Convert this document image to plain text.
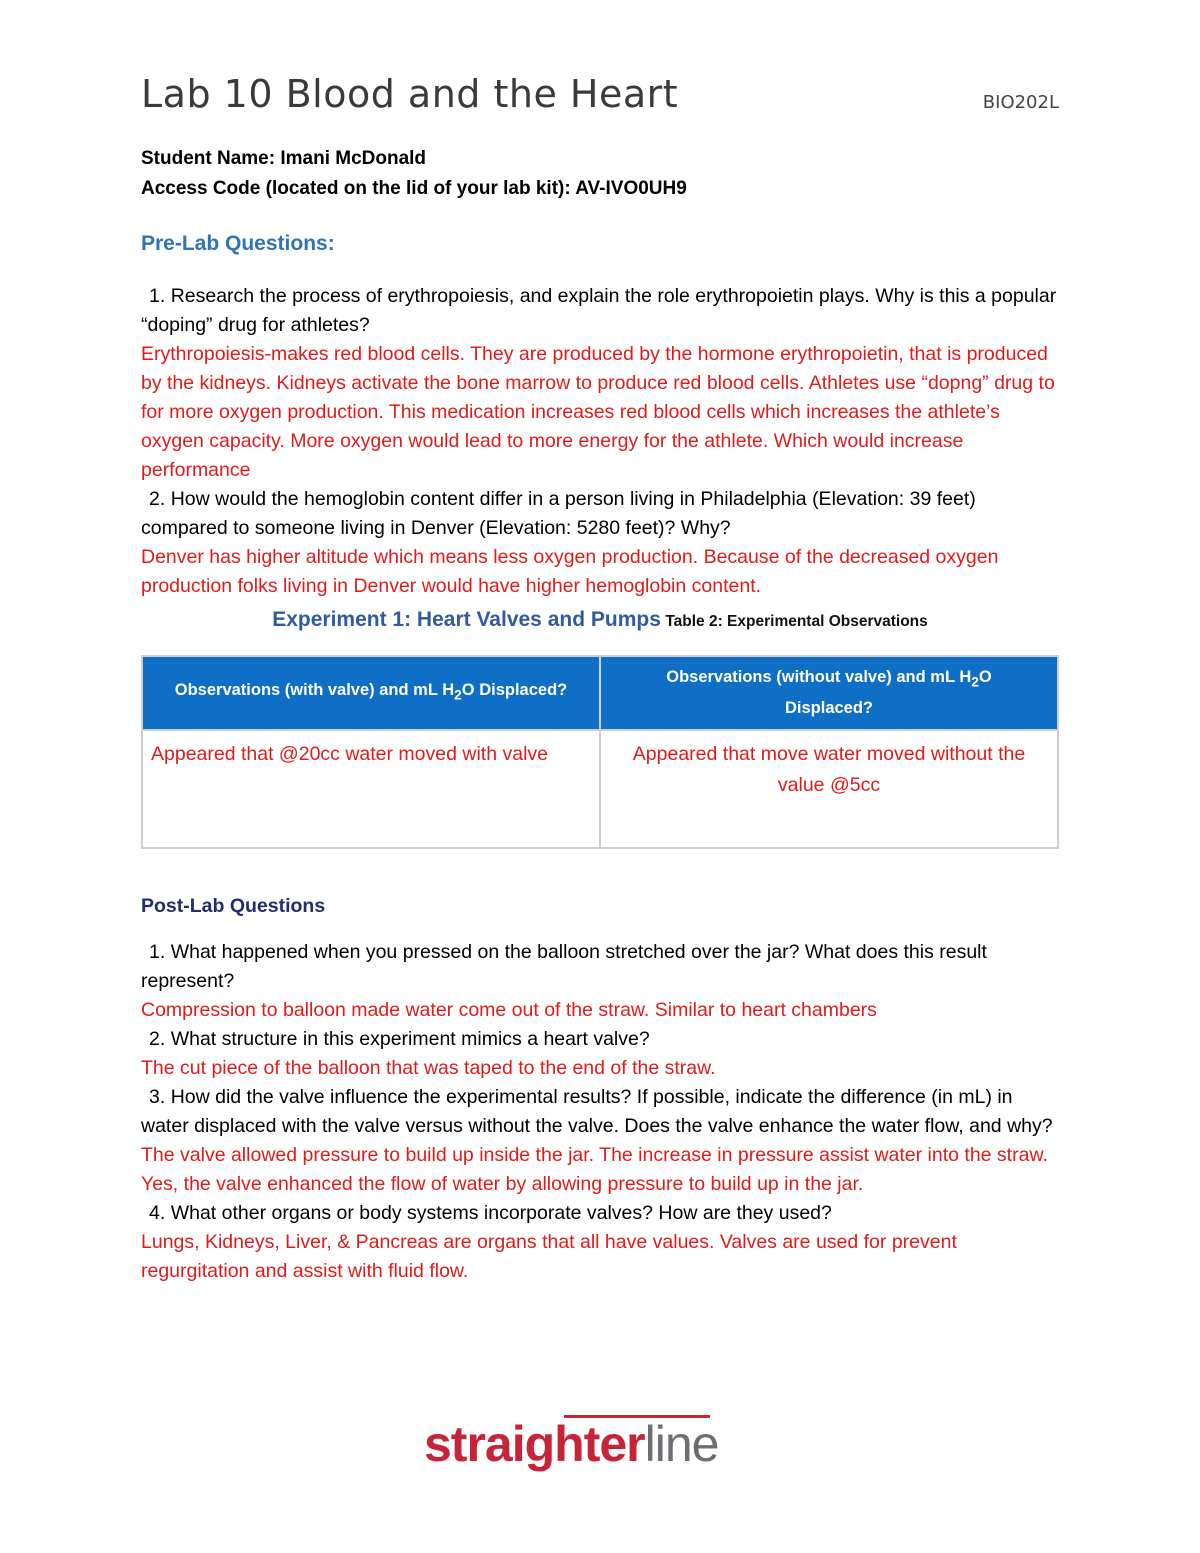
Lab 10 Blood and the Heart	BIO202L
Student Name: Imani McDonald
Access Code (located on the lid of your lab kit): AV-IVO0UH9
Pre-Lab Questions:
1. Research the process of erythropoiesis, and explain the role erythropoietin plays. Why is this a popular “doping” drug for athletes?
Erythropoiesis-makes red blood cells. They are produced by the hormone erythropoietin, that is produced by the kidneys. Kidneys activate the bone marrow to produce red blood cells. Athletes use “dopng” drug to for more oxygen production. This medication increases red blood cells which increases the athlete’s oxygen capacity. More oxygen would lead to more energy for the athlete. Which would increase performance
2. How would the hemoglobin content differ in a person living in Philadelphia (Elevation: 39 feet) compared to someone living in Denver (Elevation: 5280 feet)? Why?
Denver has higher altitude which means less oxygen production. Because of the decreased oxygen production folks living in Denver would have higher hemoglobin content.
Experiment 1: Heart Valves and Pumps Table 2: Experimental Observations
Observations (with valve) and mL $H_2O$ Displaced?	Observations (without valve) and mL $H_2O$ Displaced?
Appeared that @20cc water moved with valve	Appeared that move water moved without the value @5cc
Post-Lab Questions
1. What happened when you pressed on the balloon stretched over the jar? What does this result represent?
Compression to balloon made water come out of the straw. Similar to heart chambers
2. What structure in this experiment mimics a heart valve?
The cut piece of the balloon that was taped to the end of the straw.
3. How did the valve influence the experimental results? If possible, indicate the difference (in mL) in water displaced with the valve versus without the valve. Does the valve enhance the water flow, and why?
The valve allowed pressure to build up inside the jar. The increase in pressure assist water into the straw. Yes, the valve enhanced the flow of water by allowing pressure to build up in the jar.
4. What other organs or body systems incorporate valves? How are they used?
Lungs, Kidneys, Liver, & Pancreas are organs that all have values. Valves are used for prevent regurgitation and assist with fluid flow.
straighterline
